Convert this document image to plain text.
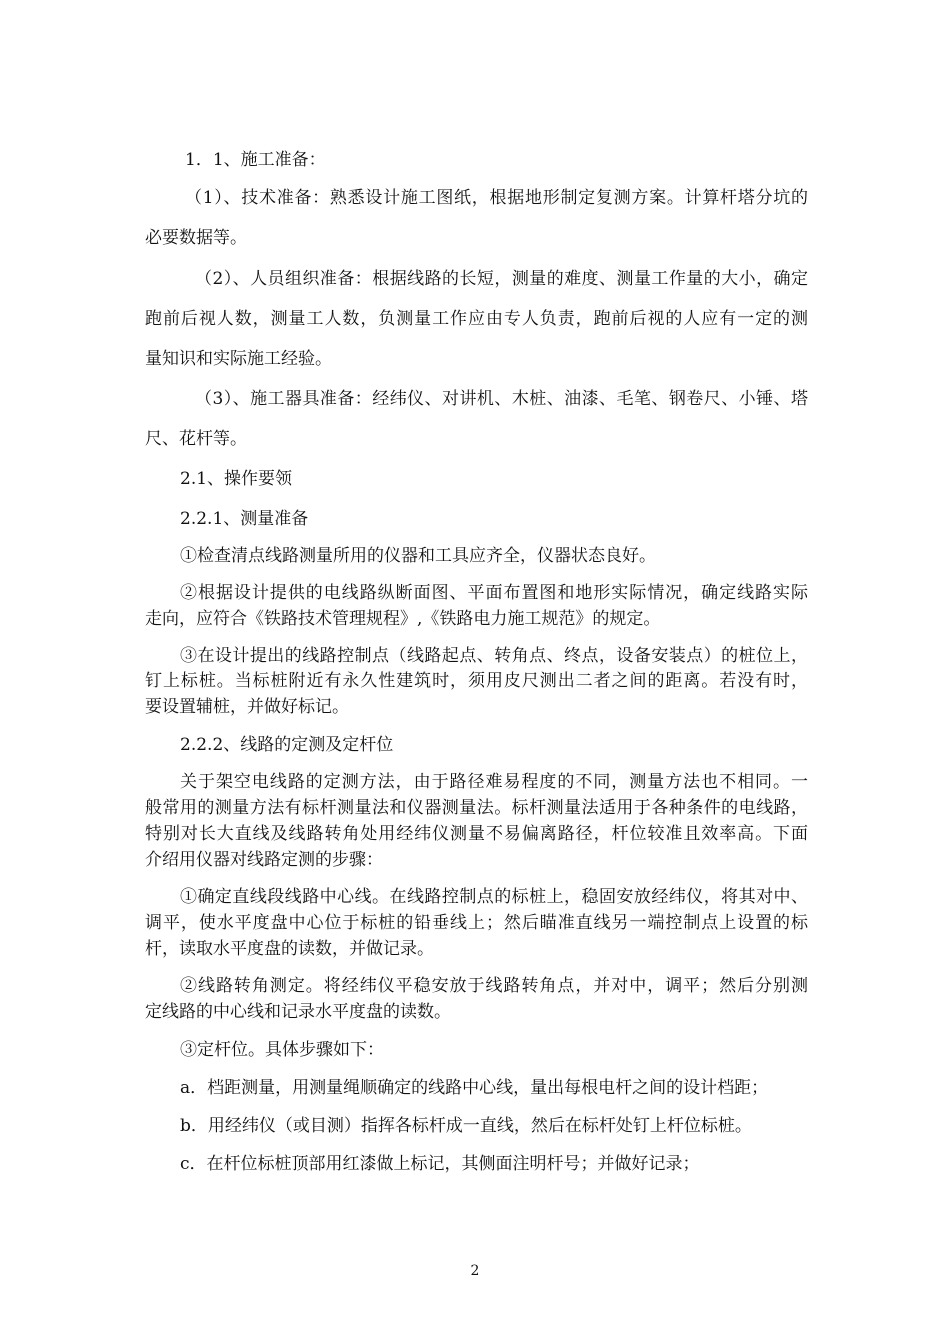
1．1、施工准备：
（1）、技术准备：熟悉设计施工图纸，根据地形制定复测方案。计算杆塔分坑的
必要数据等。
（2）、人员组织准备：根据线路的长短，测量的难度、测量工作量的大小，确定
跑前后视人数，测量工人数，负测量工作应由专人负责，跑前后视的人应有一定的测
量知识和实际施工经验。
（3）、施工器具准备：经纬仪、对讲机、木桩、油漆、毛笔、钢卷尺、小锤、塔
尺、花杆等。
2.1、操作要领
2.2.1、测量准备
①检查清点线路测量所用的仪器和工具应齐全，仪器状态良好。
②根据设计提供的电线路纵断面图、平面布置图和地形实际情况，确定线路实际
走向，应符合《铁路技术管理规程》,《铁路电力施工规范》的规定。
③在设计提出的线路控制点（线路起点、转角点、终点，设备安装点）的桩位上，
钉上标桩。当标桩附近有永久性建筑时，须用皮尺测出二者之间的距离。若没有时，
要设置辅桩，并做好标记。
2.2.2、线路的定测及定杆位
关于架空电线路的定测方法，由于路径难易程度的不同，测量方法也不相同。一
般常用的测量方法有标杆测量法和仪器测量法。标杆测量法适用于各种条件的电线路，
特别对长大直线及线路转角处用经纬仪测量不易偏离路径，杆位较准且效率高。下面
介绍用仪器对线路定测的步骤：
①确定直线段线路中心线。在线路控制点的标桩上，稳固安放经纬仪，将其对中、
调平，使水平度盘中心位于标桩的铅垂线上；然后瞄准直线另一端控制点上设置的标
杆，读取水平度盘的读数，并做记录。
②线路转角测定。将经纬仪平稳安放于线路转角点，并对中，调平；然后分别测
定线路的中心线和记录水平度盘的读数。
③定杆位。具体步骤如下：
a．档距测量，用测量绳顺确定的线路中心线，量出每根电杆之间的设计档距；
b．用经纬仪（或目测）指挥各标杆成一直线，然后在标杆处钉上杆位标桩。
c．在杆位标桩顶部用红漆做上标记，其侧面注明杆号；并做好记录；
2
